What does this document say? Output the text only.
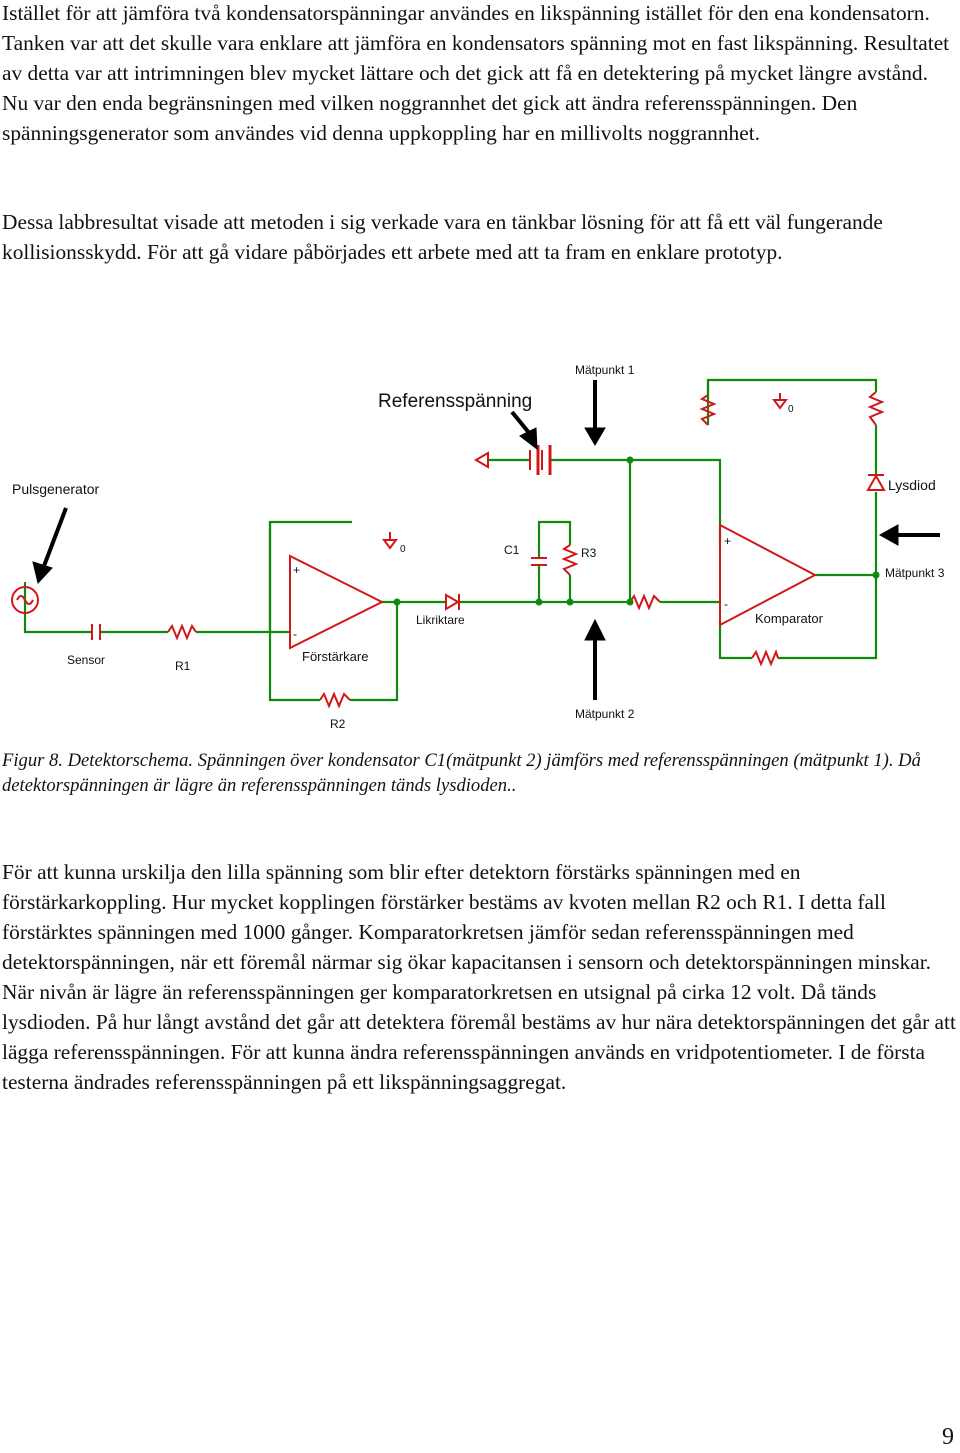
Istället för att jämföra två kondensatorspänningar användes en likspänning istället för den ena kondensatorn. Tanken var att det skulle vara enklare att jämföra en kondensators spänning mot en fast likspänning. Resultatet av detta var att intrimningen blev mycket lättare och det gick att få en detektering på mycket längre avstånd. Nu var den enda begränsningen med vilken noggrannhet det gick att ändra referensspänningen. Den spänningsgenerator som användes vid denna uppkoppling har en millivolts noggrannhet.

Dessa labbresultat visade att metoden i sig verkade vara en tänkbar lösning för att få ett väl fungerande kollisionsskydd. För att gå vidare påbörjades ett arbete med att ta fram en enklare prototyp.

Mätpunkt 1
Referensspänning
Pulsgenerator	Lysdiod
Mätpunkt 3
Komparator
Förstärkare
Likriktare
Sensor	R1
R2
R3
C1
Mätpunkt 2
0
0
+
-
+
-

Figur 8. Detektorschema. Spänningen över kondensator C1(mätpunkt 2) jämförs med referensspänningen (mätpunkt 1). Då detektorspänningen är lägre än referensspänningen tänds lysdioden..

För att kunna urskilja den lilla spänning som blir efter detektorn förstärks spänningen med en förstärkarkoppling. Hur mycket kopplingen förstärker bestäms av kvoten mellan R2 och R1. I detta fall förstärktes spänningen med 1000 gånger. Komparatorkretsen jämför sedan referensspänningen med detektorspänningen, när ett föremål närmar sig ökar kapacitansen i sensorn och detektorspänningen minskar. När nivån är lägre än referensspänningen ger komparatorkretsen en utsignal på cirka 12 volt. Då tänds lysdioden. På hur långt avstånd det går att detektera föremål bestäms av hur nära detektorspänningen det går att lägga referensspänningen. För att kunna ändra referensspänningen används en vridpotentiometer. I de första testerna ändrades referensspänningen på ett likspänningsaggregat.

9
